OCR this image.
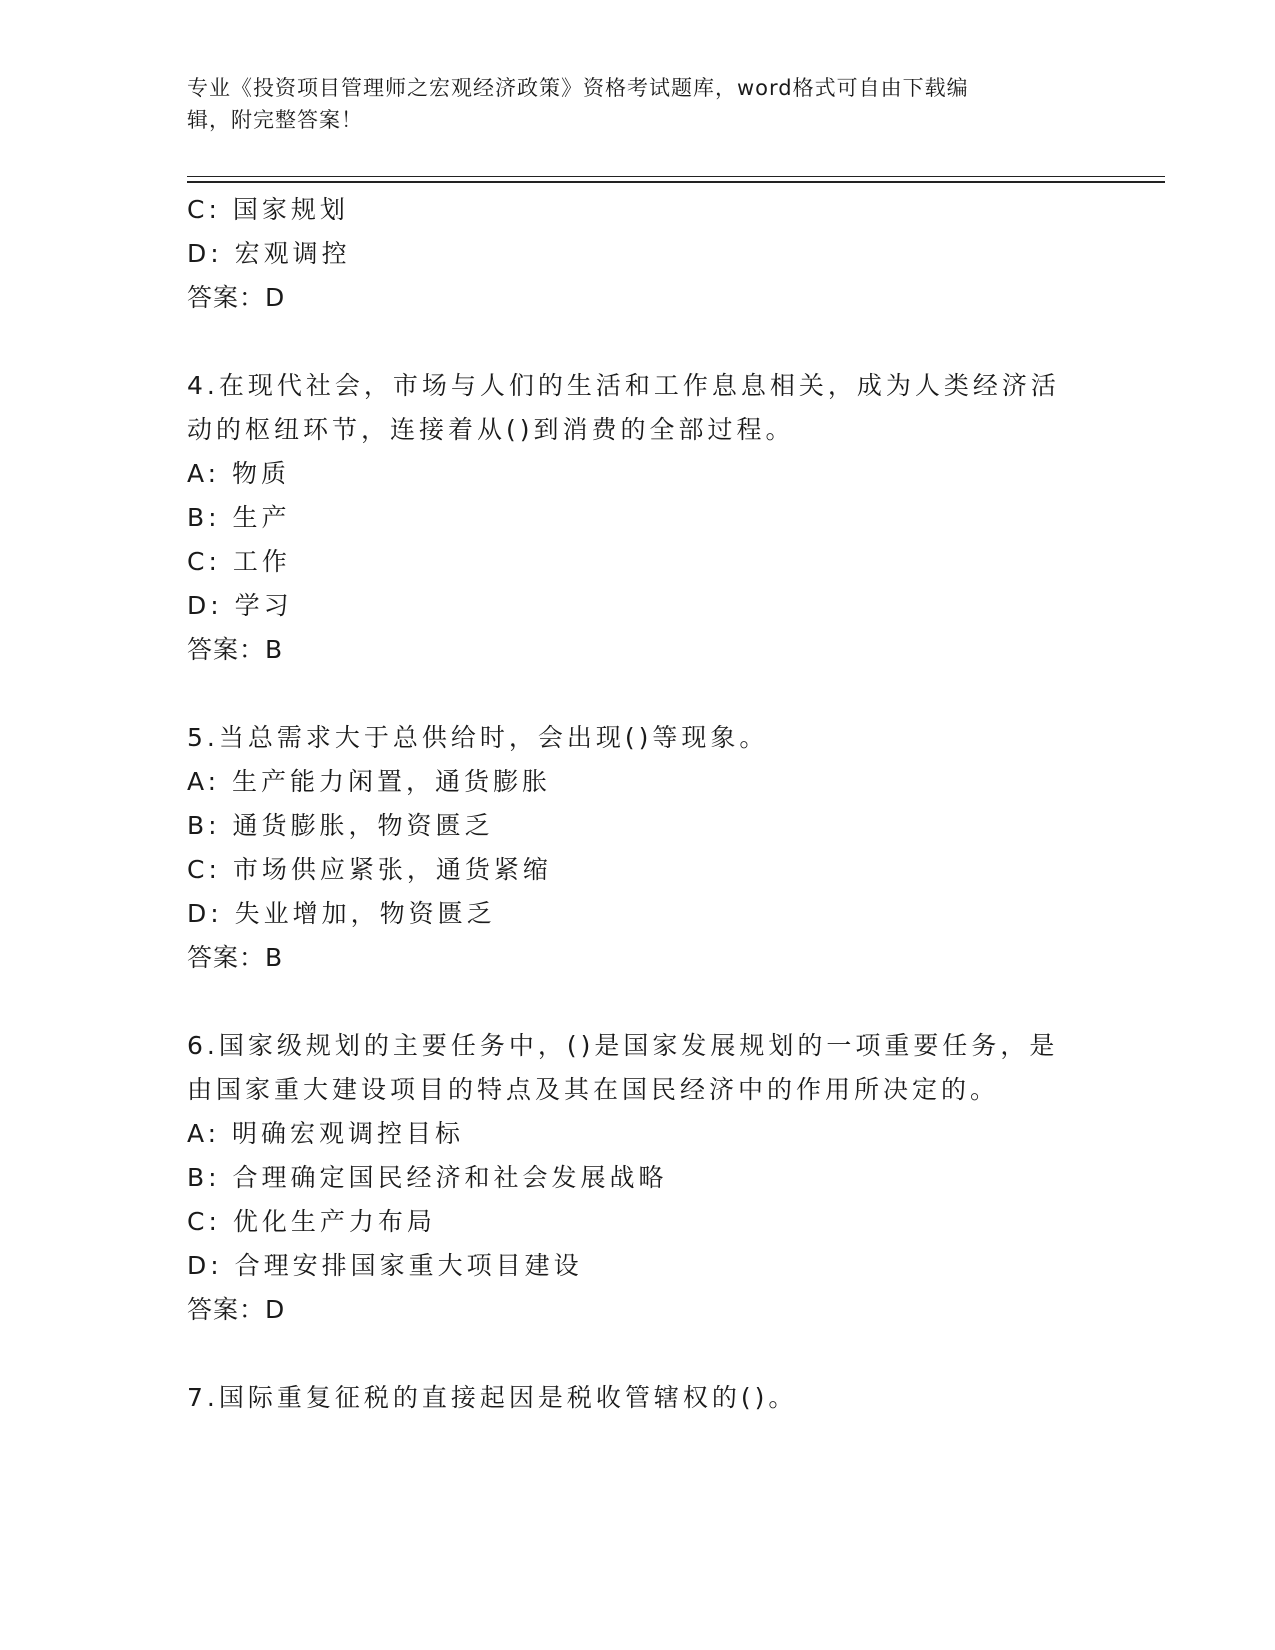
专业《投资项目管理师之宏观经济政策》资格考试题库，word格式可自由下载编
辑，附完整答案！
C: 国家规划
D: 宏观调控
答案：D
4.在现代社会，市场与人们的生活和工作息息相关，成为人类经济活
动的枢纽环节，连接着从()到消费的全部过程。
A: 物质
B: 生产
C: 工作
D: 学习
答案：B
5.当总需求大于总供给时，会出现()等现象。
A: 生产能力闲置，通货膨胀
B: 通货膨胀，物资匮乏
C: 市场供应紧张，通货紧缩
D: 失业增加，物资匮乏
答案：B
6.国家级规划的主要任务中，()是国家发展规划的一项重要任务，是
由国家重大建设项目的特点及其在国民经济中的作用所决定的。
A: 明确宏观调控目标
B: 合理确定国民经济和社会发展战略
C: 优化生产力布局
D: 合理安排国家重大项目建设
答案：D
7.国际重复征税的直接起因是税收管辖权的()。
